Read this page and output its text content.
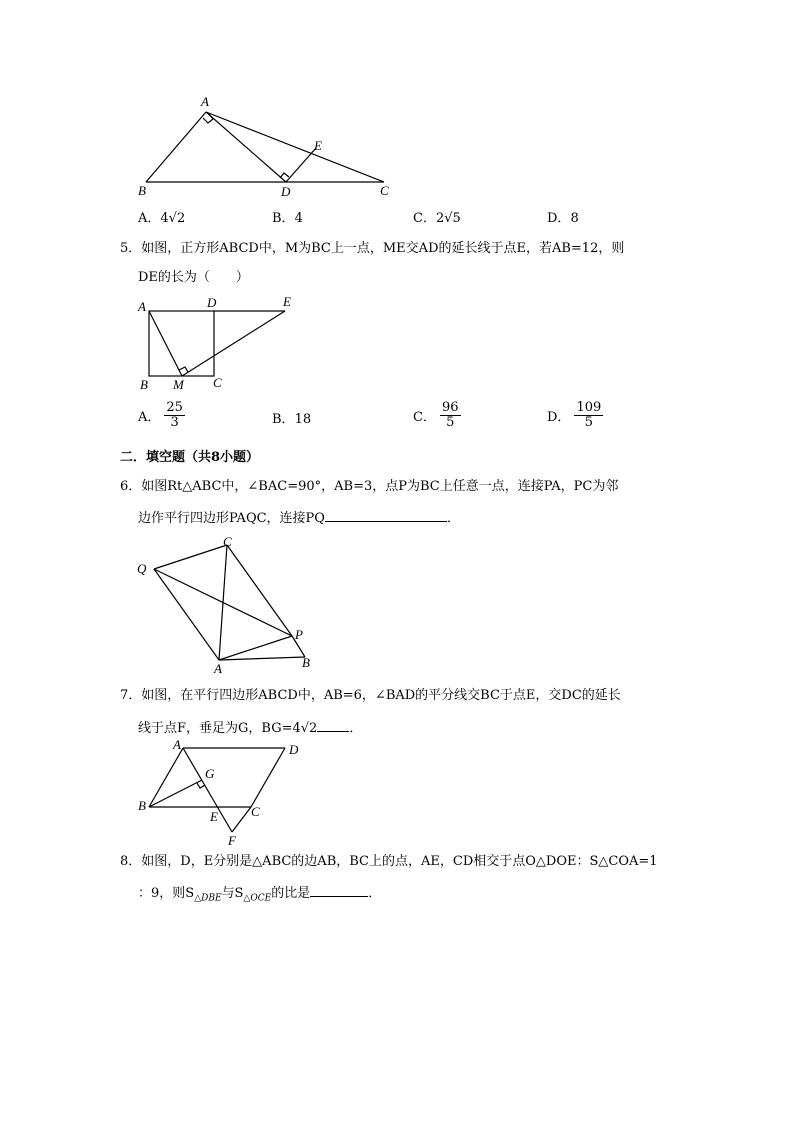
A
B	D
E
C
A．4√2	B．4	C．2√5	D．8
5．如图，正方形ABCD中，M为BC上一点，ME交AD的延长线于点E，若AB=12，则
DE的长为（　　）
A	D	E
B M C
A． $\frac{25}{3}$	B．18	C． $\frac{96}{5}$	D． $\frac{109}{5}$
二．填空题（共8小题）
6．如图Rt△ABC中，∠BAC=90°，AB=3，点P为BC上任意一点，连接PA，PC为邻
边作平行四边形PAQC，连接PQ	．
C
Q
P
A	B
7．如图，在平行四边形ABCD中，AB=6，∠BAD的平分线交BC于点E，交DC的延长
线于点F，垂足为G，BG=4√2 ．
A	D
G
B	C
E
F
8．如图，D，E分别是△ABC的边AB，BC上的点，AE，CD相交于点O△DOE：S△COA=1
：9，则$S_{\triangle DBE}$与$S_{\triangle OCE}$的比是	．
